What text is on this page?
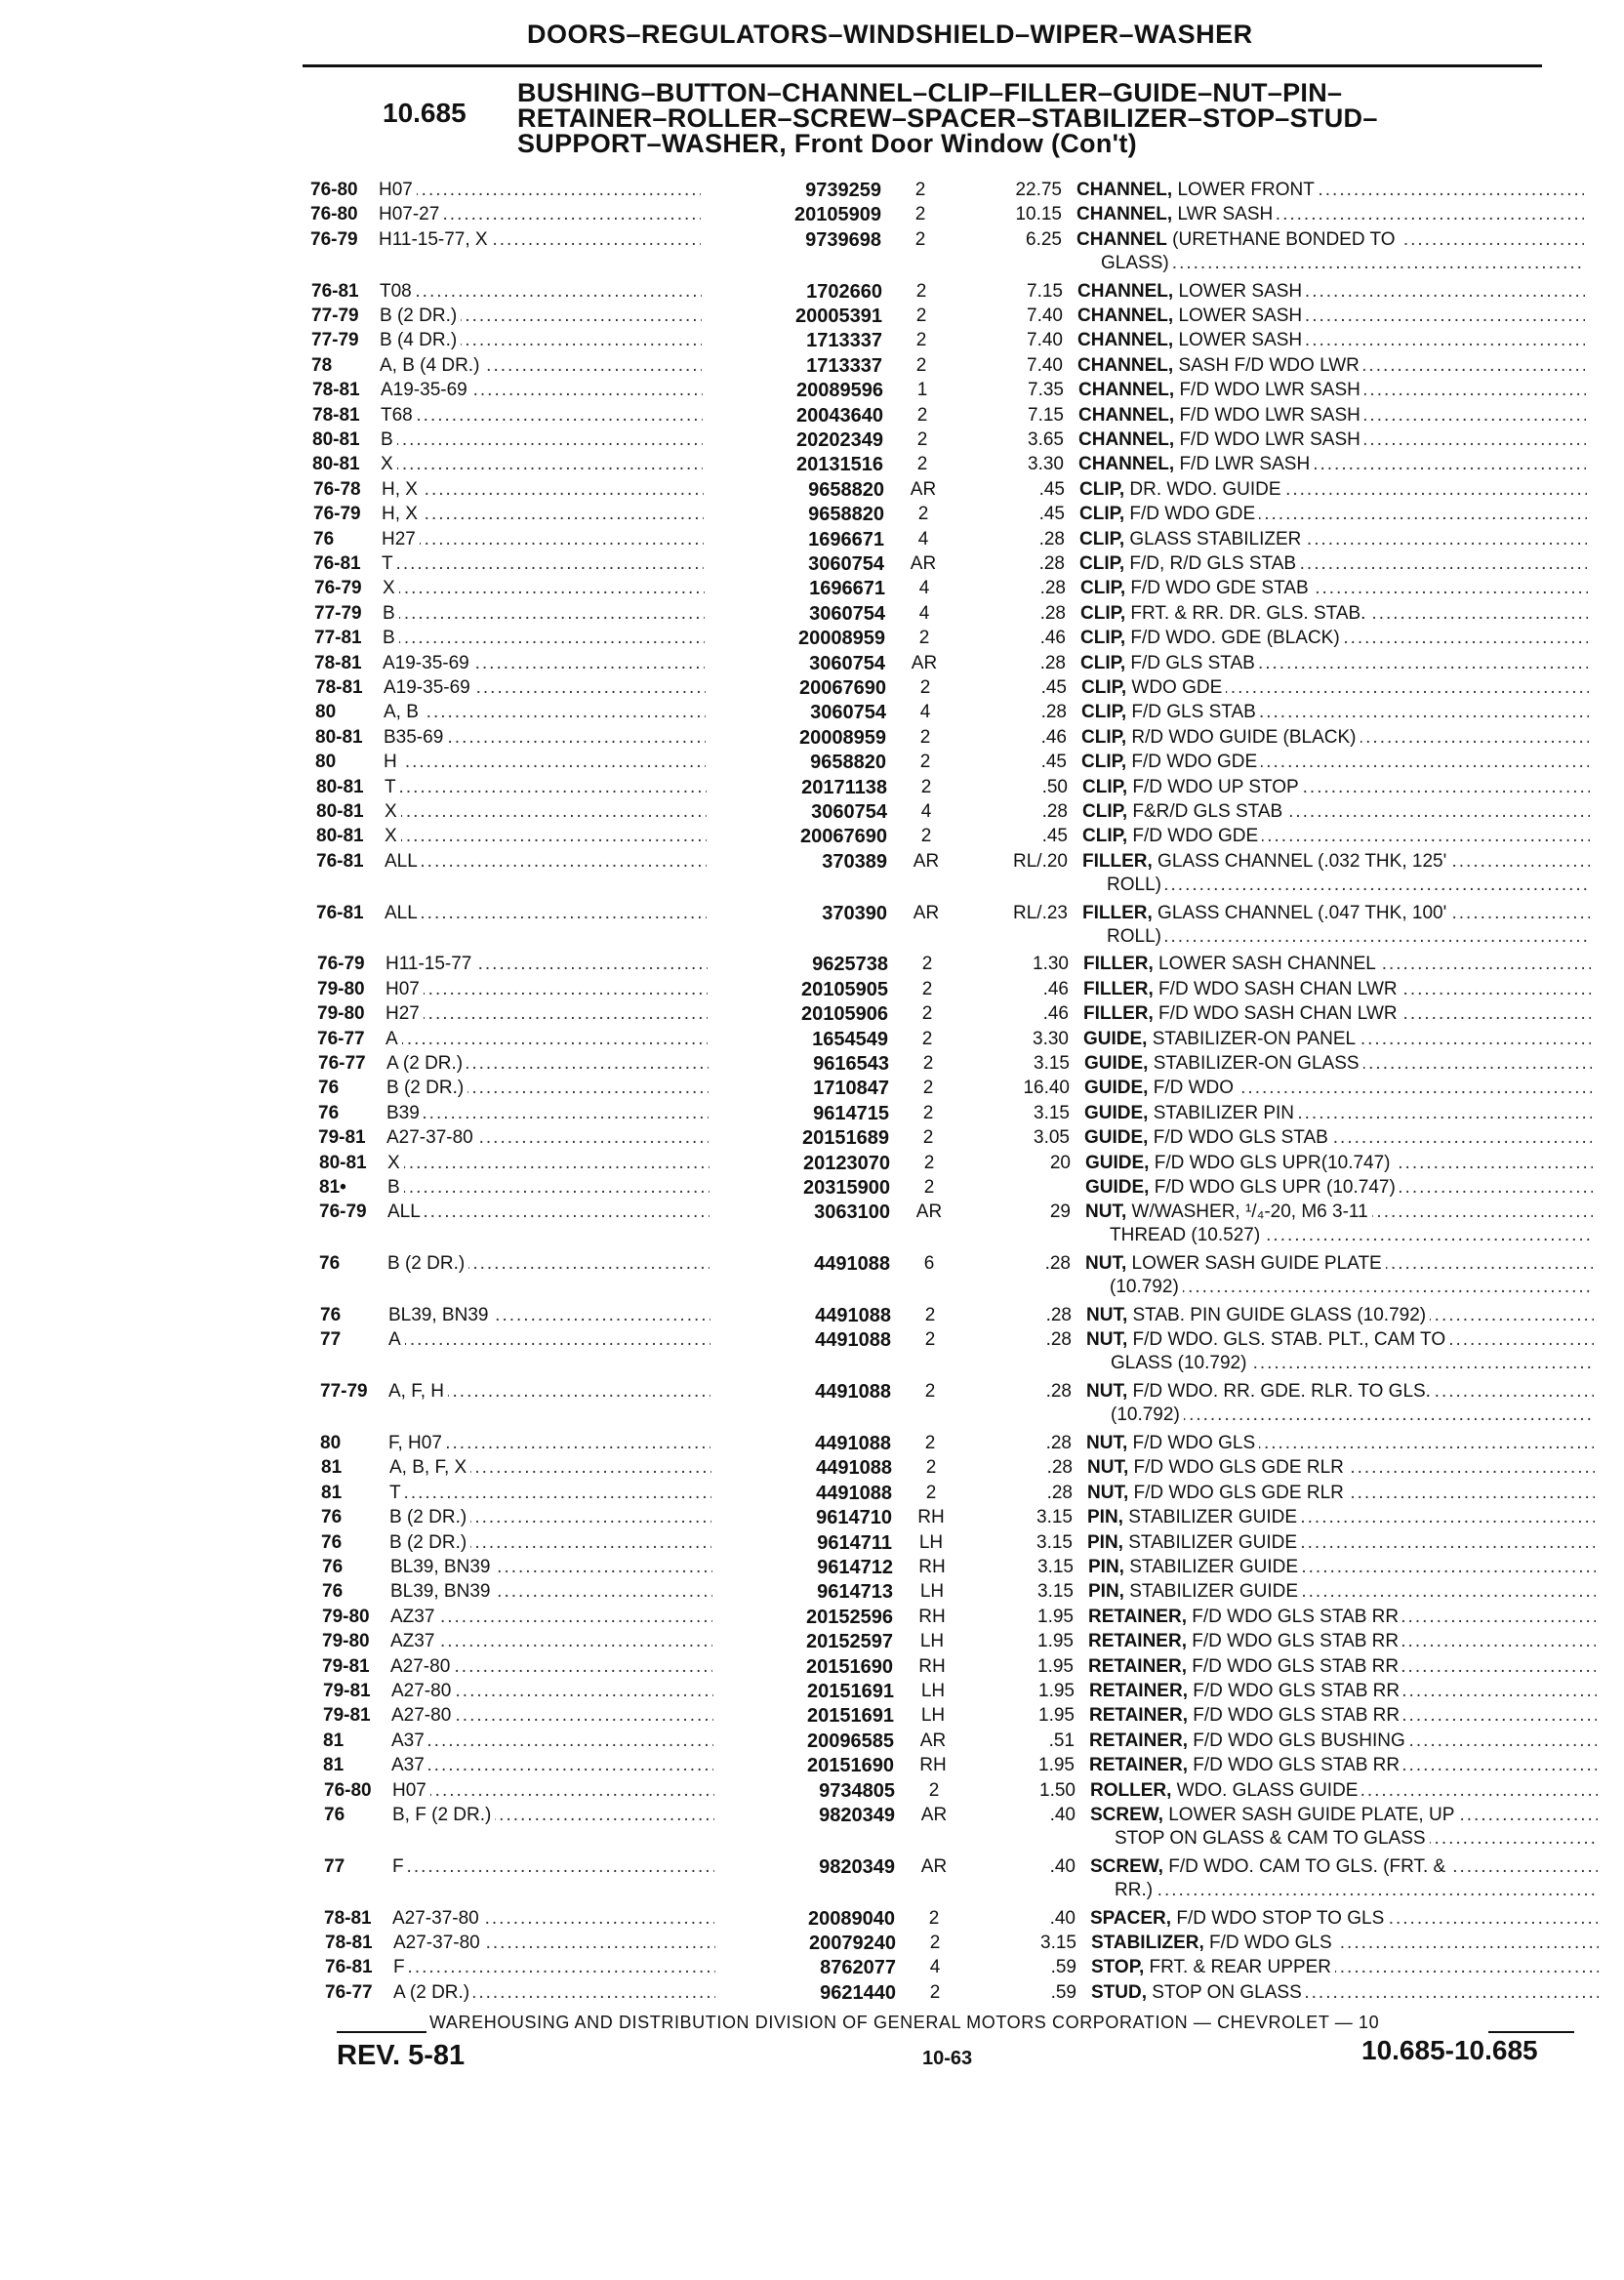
DOORS–REGULATORS–WINDSHIELD–WIPER–WASHER
10.685
BUSHING–BUTTON–CHANNEL–CLIP–FILLER–GUIDE–NUT–PIN–
RETAINER–ROLLER–SCREW–SPACER–STABILIZER–STOP–STUD–
SUPPORT–WASHER, Front Door Window (Con't)
76-80	H07 .....	9739259	2	22.75 CHANNEL, LOWER FRONT .....
76-80	H07-27 .....	20105909	2	10.15 CHANNEL, LWR SASH .....
76-79	H11-15-77, X .....	9739698	2	6.25 CHANNEL (URETHANE BONDED TO .....
GLASS) .....
76-81	T08 .....	1702660	2	7.15 CHANNEL, LOWER SASH .....
77-79	B (2 DR.) .....	20005391	2	7.40 CHANNEL, LOWER SASH .....
77-79	B (4 DR.) .....	1713337	2	7.40 CHANNEL, LOWER SASH .....
78	A, B (4 DR.) .....	1713337	2	7.40 CHANNEL, SASH F/D WDO LWR .....
78-81	A19-35-69 .....	20089596	1	7.35 CHANNEL, F/D WDO LWR SASH .....
78-81	T68 .....	20043640	2	7.15 CHANNEL, F/D WDO LWR SASH .....
80-81	B .....	20202349	2	3.65 CHANNEL, F/D WDO LWR SASH .....
80-81	X .....	20131516	2	3.30 CHANNEL, F/D LWR SASH .....
76-78	H, X .....	9658820	AR	.45 CLIP, DR. WDO. GUIDE .....
76-79	H, X .....	9658820	2	.45 CLIP, F/D WDO GDE .....
76	H27 .....	1696671	4	.28 CLIP, GLASS STABILIZER .....
76-81	T .....	3060754	AR	.28 CLIP, F/D, R/D GLS STAB .....
76-79	X .....	1696671	4	.28 CLIP, F/D WDO GDE STAB .....
77-79	B .....	3060754	4	.28 CLIP, FRT. & RR. DR. GLS. STAB. .....
77-81	B .....	20008959	2	.46 CLIP, F/D WDO. GDE (BLACK) .....
78-81	A19-35-69 .....	3060754	AR	.28 CLIP, F/D GLS STAB .....
78-81	A19-35-69 .....	20067690	2	.45 CLIP, WDO GDE .....
80	A, B .....	3060754	4	.28 CLIP, F/D GLS STAB .....
80-81	B35-69 .....	20008959	2	.46 CLIP, R/D WDO GUIDE (BLACK) .....
80	H .....	9658820	2	.45 CLIP, F/D WDO GDE .....
80-81	T .....	20171138	2	.50 CLIP, F/D WDO UP STOP .....
80-81	X .....	3060754	4	.28 CLIP, F&R/D GLS STAB .....
80-81	X .....	20067690	2	.45 CLIP, F/D WDO GDE .....
76-81	ALL .....	370389	AR	RL/.20 FILLER, GLASS CHANNEL (.032 THK, 125' .....
ROLL) .....
76-81	ALL .....	370390	AR	RL/.23 FILLER, GLASS CHANNEL (.047 THK, 100' .....
ROLL) .....
76-79	H11-15-77 .....	9625738	2	1.30 FILLER, LOWER SASH CHANNEL .....
79-80	H07 .....	20105905	2	.46 FILLER, F/D WDO SASH CHAN LWR .....
79-80	H27 .....	20105906	2	.46 FILLER, F/D WDO SASH CHAN LWR .....
76-77	A .....	1654549	2	3.30 GUIDE, STABILIZER-ON PANEL .....
76-77	A (2 DR.) .....	9616543	2	3.15 GUIDE, STABILIZER-ON GLASS .....
76	B (2 DR.) .....	1710847	2	16.40 GUIDE, F/D WDO .....
76	B39 .....	9614715	2	3.15 GUIDE, STABILIZER PIN .....
79-81	A27-37-80 .....	20151689	2	3.05 GUIDE, F/D WDO GLS STAB .....
80-81	X .....	20123070	2	20 GUIDE, F/D WDO GLS UPR(10.747) .....
81•	B .....	20315900	2	GUIDE, F/D WDO GLS UPR (10.747) .....
76-79	ALL .....	3063100	AR	29 NUT, W/WASHER, ¹/₄-20, M6 3-11 .....
THREAD (10.527) .....
76	B (2 DR.) .....	4491088	6	.28 NUT, LOWER SASH GUIDE PLATE .....
(10.792) .....
76	BL39, BN39 .....	4491088	2	.28 NUT, STAB. PIN GUIDE GLASS (10.792) .....
77	A .....	4491088	2	.28 NUT, F/D WDO. GLS. STAB. PLT., CAM TO .....
GLASS (10.792) .....
77-79	A, F, H .....	4491088	2	.28 NUT, F/D WDO. RR. GDE. RLR. TO GLS. .....
(10.792) .....
80	F, H07 .....	4491088	2	.28 NUT, F/D WDO GLS .....
81	A, B, F, X .....	4491088	2	.28 NUT, F/D WDO GLS GDE RLR .....
81	T .....	4491088	2	.28 NUT, F/D WDO GLS GDE RLR .....
76	B (2 DR.) .....	9614710	RH	3.15 PIN, STABILIZER GUIDE .....
76	B (2 DR.) .....	9614711	LH	3.15 PIN, STABILIZER GUIDE .....
76	BL39, BN39 .....	9614712	RH	3.15 PIN, STABILIZER GUIDE .....
76	BL39, BN39 .....	9614713	LH	3.15 PIN, STABILIZER GUIDE .....
79-80	AZ37 .....	20152596	RH	1.95 RETAINER, F/D WDO GLS STAB RR .....
79-80	AZ37 .....	20152597	LH	1.95 RETAINER, F/D WDO GLS STAB RR .....
79-81	A27-80 .....	20151690	RH	1.95 RETAINER, F/D WDO GLS STAB RR .....
79-81	A27-80 .....	20151691	LH	1.95 RETAINER, F/D WDO GLS STAB RR .....
79-81	A27-80 .....	20151691	LH	1.95 RETAINER, F/D WDO GLS STAB RR .....
81	A37 .....	20096585	AR	.51 RETAINER, F/D WDO GLS BUSHING .....
81	A37 .....	20151690	RH	1.95 RETAINER, F/D WDO GLS STAB RR .....
76-80	H07 .....	9734805	2	1.50 ROLLER, WDO. GLASS GUIDE .....
76	B, F (2 DR.) .....	9820349	AR	.40 SCREW, LOWER SASH GUIDE PLATE, UP .....
STOP ON GLASS & CAM TO GLASS .....
77	F .....	9820349	AR	.40 SCREW, F/D WDO. CAM TO GLS. (FRT. & .....
RR.) .....
78-81	A27-37-80 .....	20089040	2	.40 SPACER, F/D WDO STOP TO GLS .....
78-81	A27-37-80 .....	20079240	2	3.15 STABILIZER, F/D WDO GLS .....
76-81	F .....	8762077	4	.59 STOP, FRT. & REAR UPPER .....
76-77	A (2 DR.) .....	9621440	2	.59 STUD, STOP ON GLASS .....
WAREHOUSING AND DISTRIBUTION DIVISION OF GENERAL MOTORS CORPORATION — CHEVROLET — 10
REV. 5-81	10-63	10.685-10.685
